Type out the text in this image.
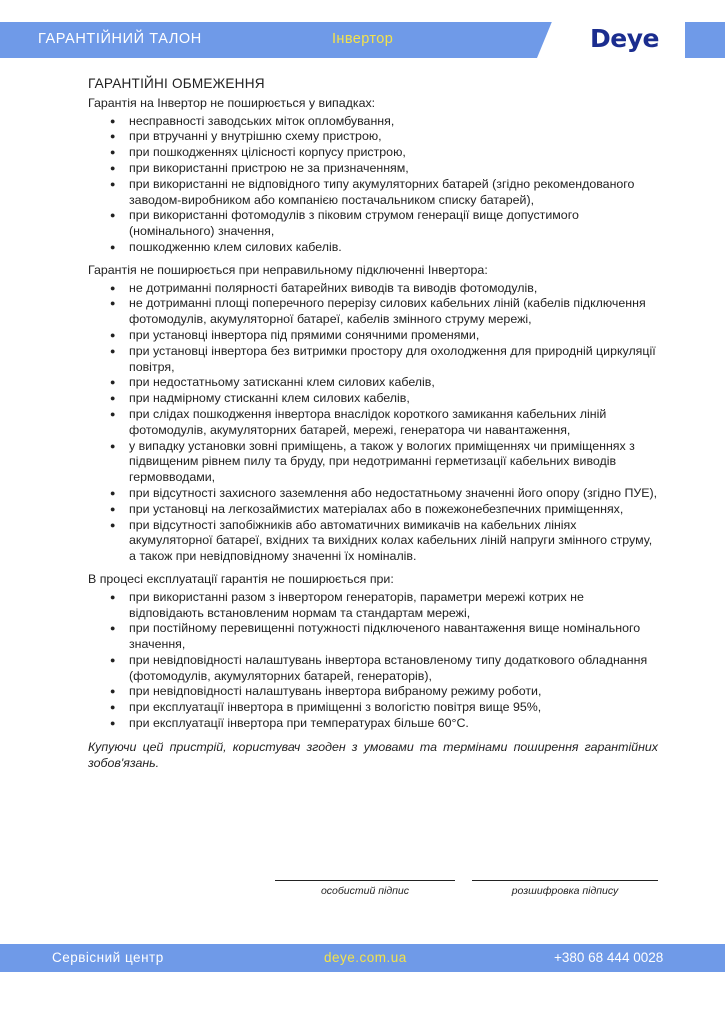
ГАРАНТІЙНИЙ ТАЛОН	Інвертор	Deye
ГАРАНТІЙНІ ОБМЕЖЕННЯ
Гарантія на Інвертор не поширюється у випадках:
● несправності заводських міток опломбування,
● при втручанні у внутрішню схему пристрою,
● при пошкодженнях цілісності корпусу пристрою,
● при використанні пристрою не за призначенням,
● при використанні не відповідного типу акумуляторних батарей (згідно рекомендованого заводом-виробником або компанією постачальником списку батарей),
● при використанні фотомодулів з піковим струмом генерації вище допустимого (номінального) значення,
● пошкодженню клем силових кабелів.
Гарантія не поширюється при неправильному підключенні Інвертора:
● не дотриманні полярності батарейних виводів та виводів фотомодулів,
● не дотриманні площі поперечного перерізу силових кабельних ліній (кабелів підключення фотомодулів, акумуляторної батареї, кабелів змінного струму мережі,
● при установці інвертора під прямими сонячними променями,
● при установці інвертора без витримки простору для охолодження для природній циркуляції повітря,
● при недостатньому затисканні клем силових кабелів,
● при надмірному стисканні клем силових кабелів,
● при слідах пошкодження інвертора внаслідок короткого замикання кабельних ліній фотомодулів, акумуляторних батарей, мережі, генератора чи навантаження,
● у випадку установки зовні приміщень, а також у вологих приміщеннях чи приміщеннях з підвищеним рівнем пилу та бруду, при недотриманні герметизації кабельних виводів гермовводами,
● при відсутності захисного заземлення або недостатньому значенні його опору (згідно ПУЕ),
● при установці на легкозаймистих матеріалах або в пожежонебезпечних приміщеннях,
● при відсутності запобіжників або автоматичних вимикачів на кабельних лініях акумуляторної батареї, вхідних та вихідних колах кабельних ліній напруги змінного струму, а також при невідповідному значенні їх номіналів.
В процесі експлуатації гарантія не поширюється при:
● при використанні разом з інвертором генераторів, параметри мережі котрих не відповідають встановленим нормам та стандартам мережі,
● при постійному перевищенні потужності підключеного навантаження вище номінального значення,
● при невідповідності налаштувань інвертора встановленому типу додаткового обладнання (фотомодулів, акумуляторних батарей, генераторів),
● при невідповідності налаштувань інвертора вибраному режиму роботи,
● при експлуатації інвертора в приміщенні з вологістю повітря вище 95%,
● при експлуатації інвертора при температурах більше 60°С.
Купуючи цей пристрій, користувач згоден з умовами та термінами поширення гарантійних зобов'язань.
особистий підпис	розшифровка підпису
Сервісний центр	deye.com.ua	+380 68 444 0028
